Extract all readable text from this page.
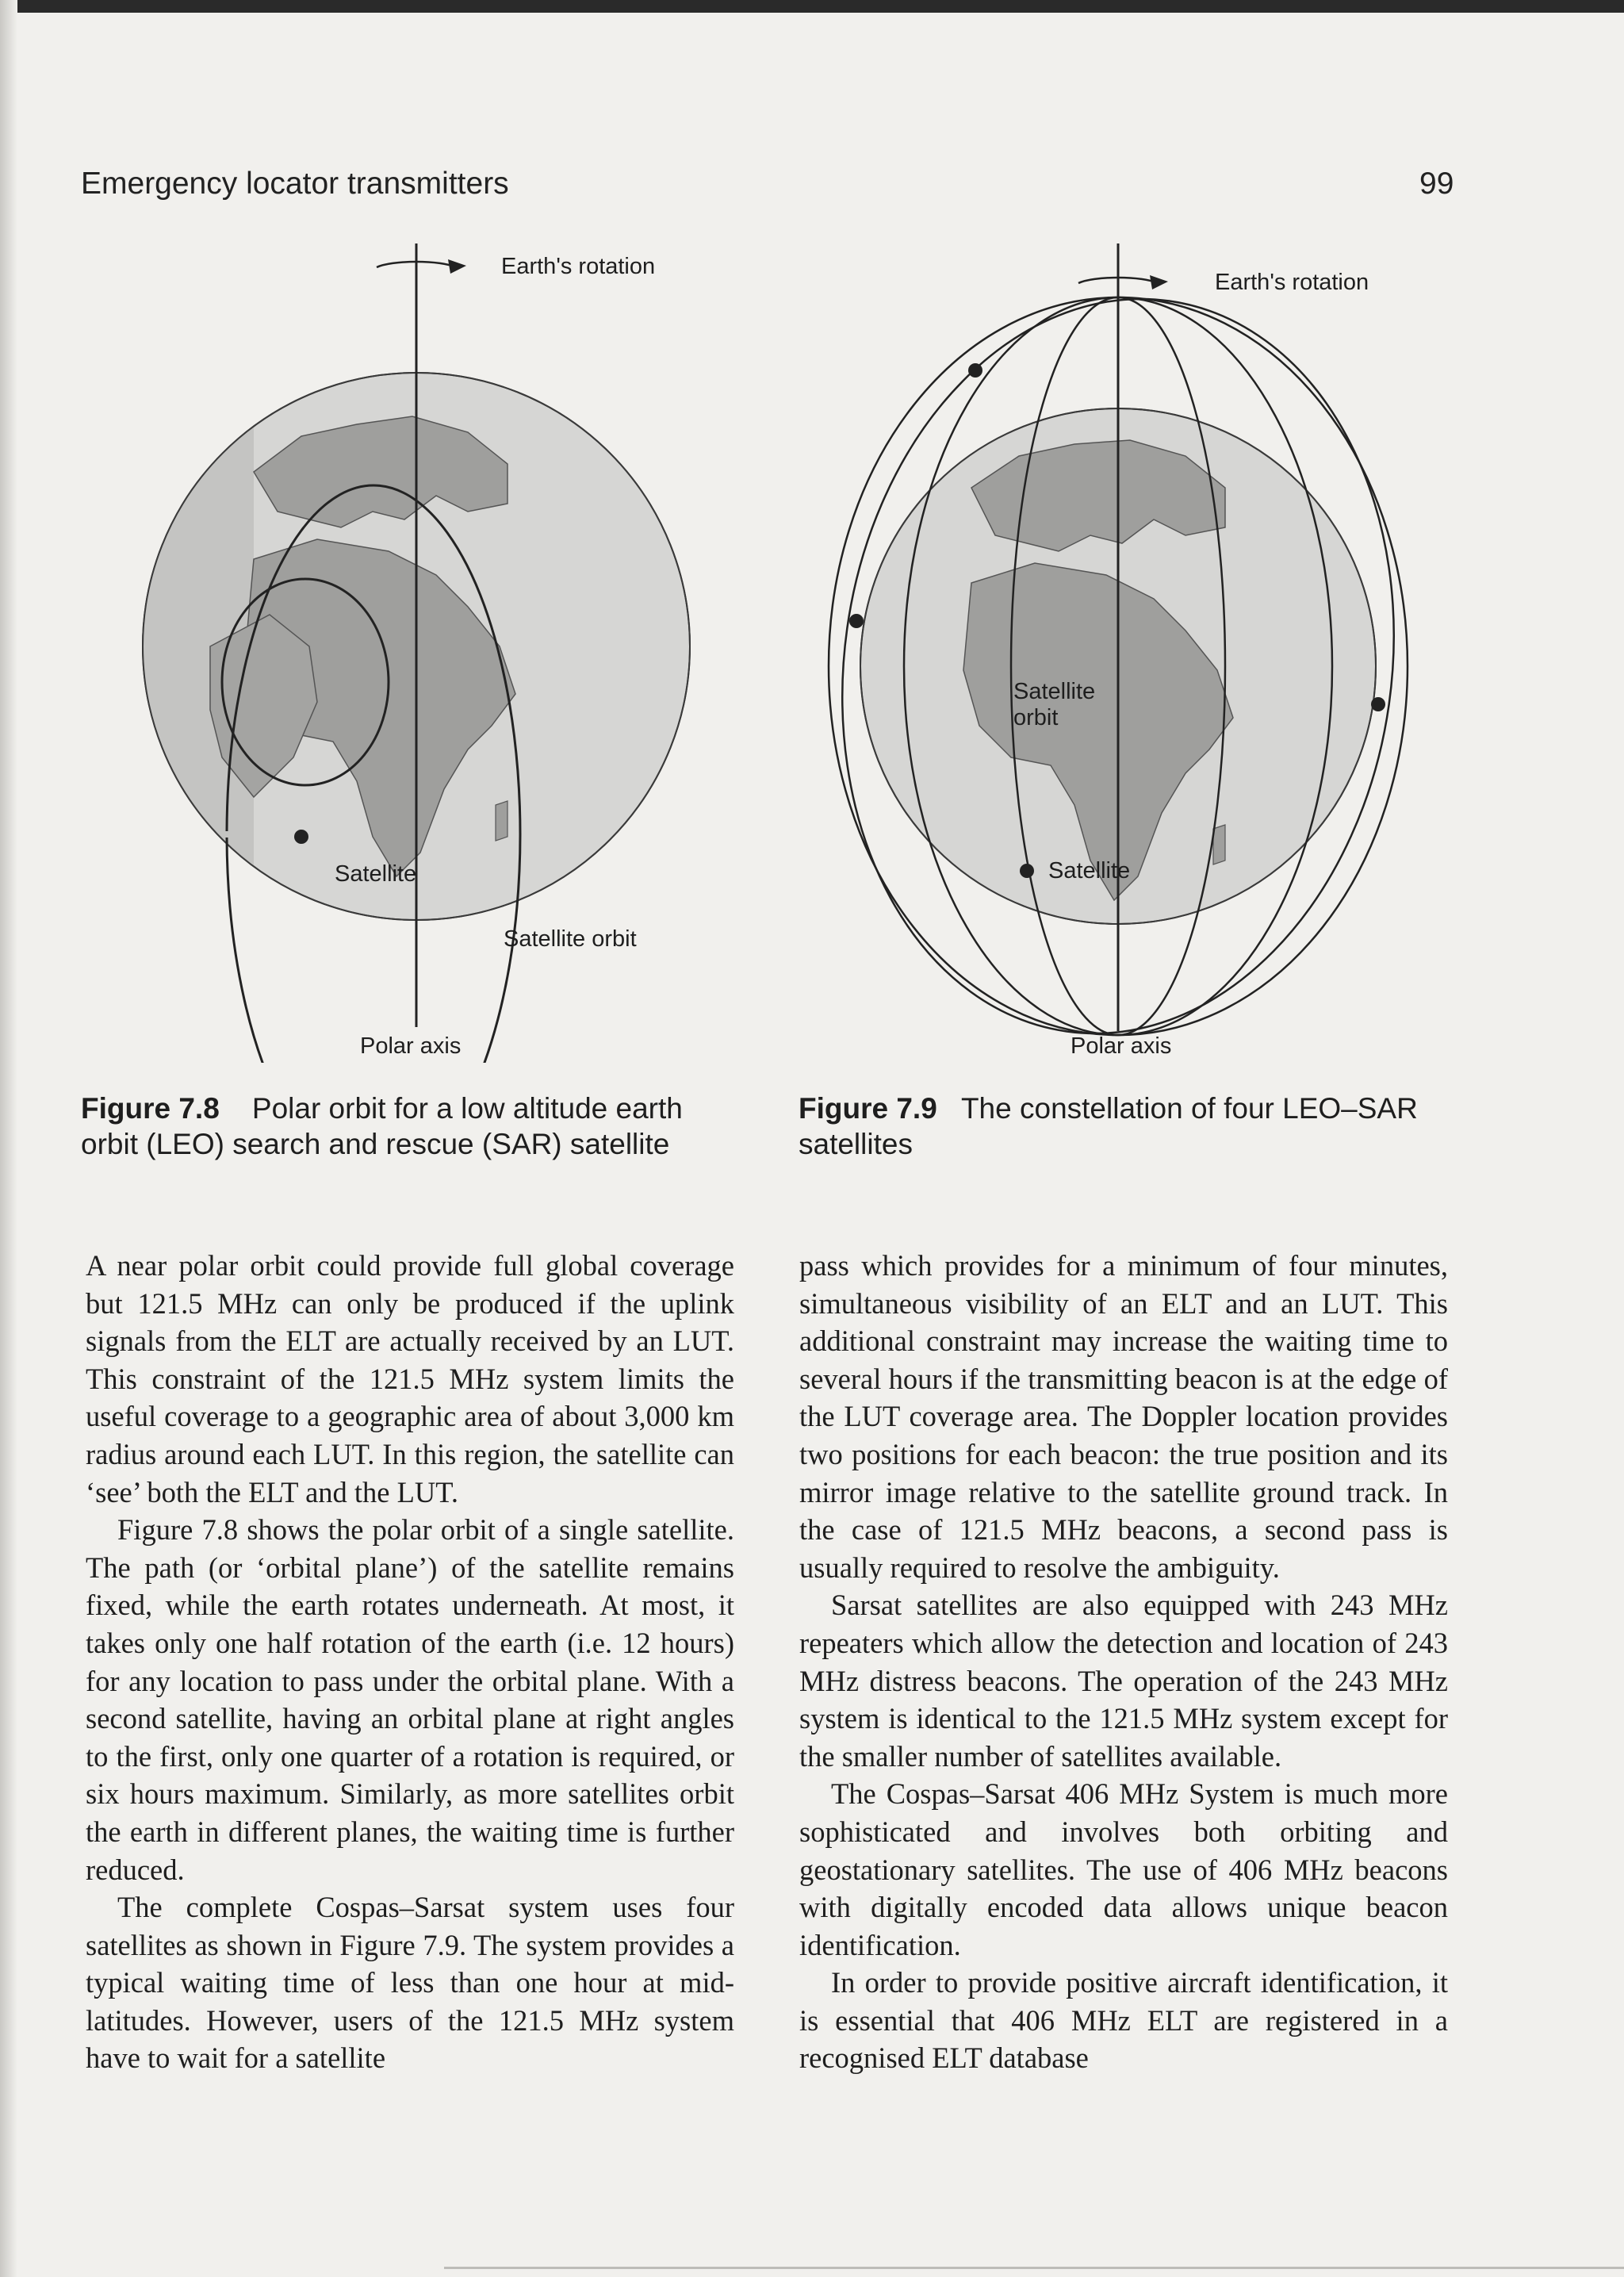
Emergency locator transmitters	99
Earth's rotation
Satellite
Satellite orbit
Polar axis

Figure 7.8 Polar orbit for a low altitude earth orbit (LEO) search and rescue (SAR) satellite

Earth's rotation
Satellite
orbit
Satellite
Polar axis

Figure 7.9 The constellation of four LEO–SAR satellites

A near polar orbit could provide full global coverage but 121.5 MHz can only be produced if the uplink signals from the ELT are actually received by an LUT. This constraint of the 121.5 MHz system limits the useful coverage to a geographic area of about 3,000 km radius around each LUT. In this region, the satellite can ‘see’ both the ELT and the LUT.

Figure 7.8 shows the polar orbit of a single satellite. The path (or ‘orbital plane’) of the satellite remains fixed, while the earth rotates underneath. At most, it takes only one half rotation of the earth (i.e. 12 hours) for any location to pass under the orbital plane. With a second satellite, having an orbital plane at right angles to the first, only one quarter of a rotation is required, or six hours maximum. Similarly, as more satellites orbit the earth in different planes, the waiting time is further reduced.

The complete Cospas–Sarsat system uses four satellites as shown in Figure 7.9. The system provides a typical waiting time of less than one hour at mid-latitudes. However, users of the 121.5 MHz system have to wait for a satellite

pass which provides for a minimum of four minutes, simultaneous visibility of an ELT and an LUT. This additional constraint may increase the waiting time to several hours if the transmitting beacon is at the edge of the LUT coverage area. The Doppler location provides two positions for each beacon: the true position and its mirror image relative to the satellite ground track. In the case of 121.5 MHz beacons, a second pass is usually required to resolve the ambiguity.

Sarsat satellites are also equipped with 243 MHz repeaters which allow the detection and location of 243 MHz distress beacons. The operation of the 243 MHz system is identical to the 121.5 MHz system except for the smaller number of satellites available.

The Cospas–Sarsat 406 MHz System is much more sophisticated and involves both orbiting and geostationary satellites. The use of 406 MHz beacons with digitally encoded data allows unique beacon identification.

In order to provide positive aircraft identification, it is essential that 406 MHz ELT are registered in a recognised ELT database
